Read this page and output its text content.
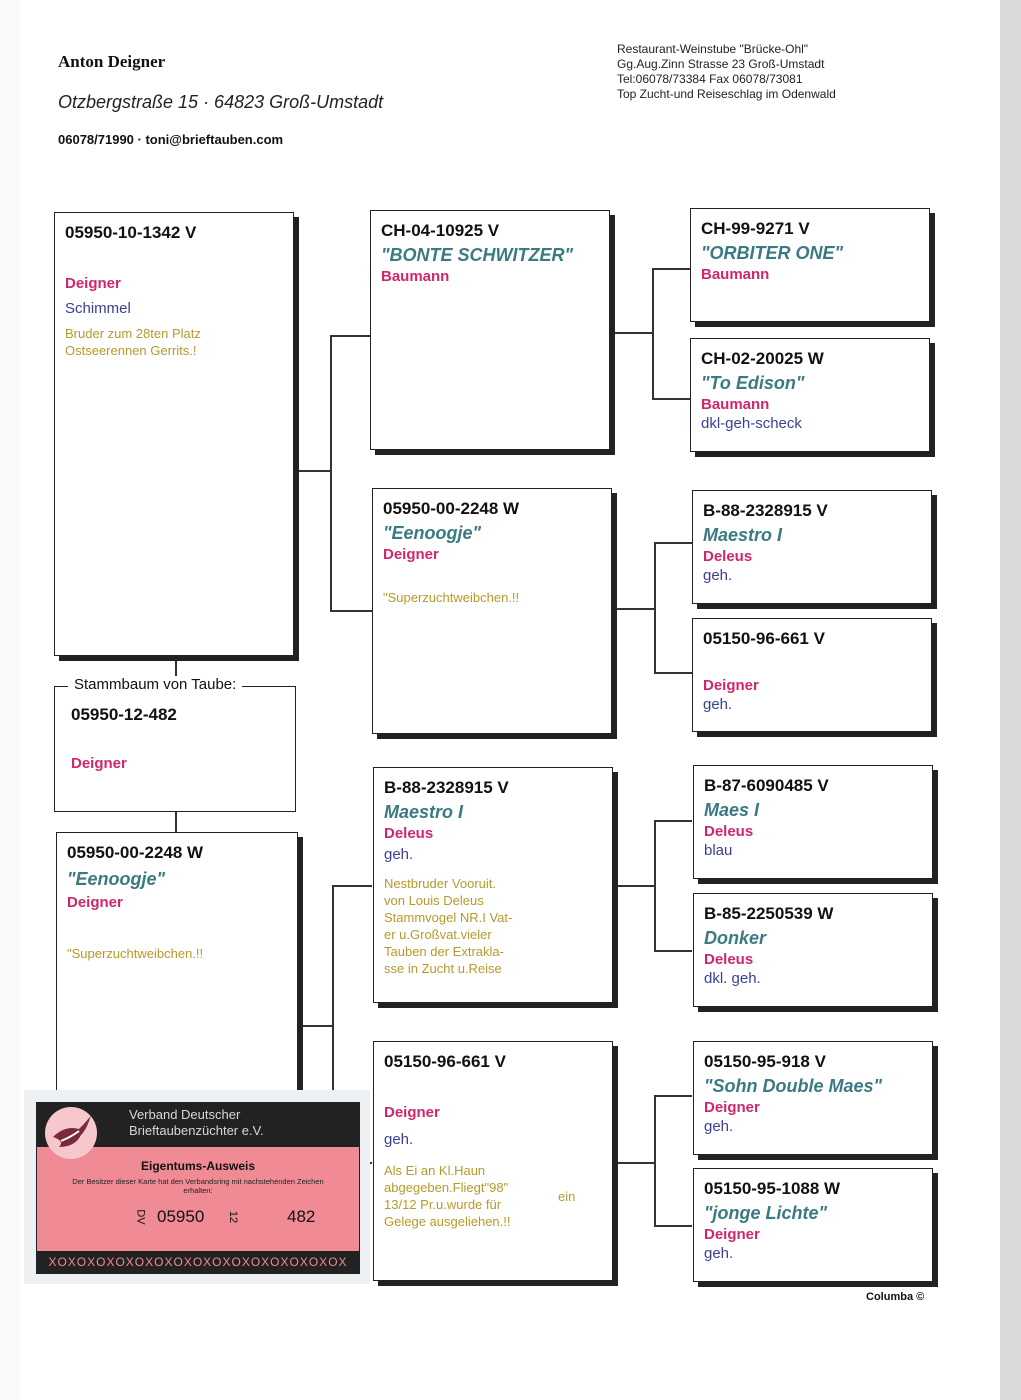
Anton Deigner
Otzbergstraße 15 · 64823 Groß-Umstadt
06078/71990 · toni@brieftauben.com
Restaurant-Weinstube "Brücke-Ohl"
Gg.Aug.Zinn Strasse 23 Groß-Umstadt
Tel:06078/73384 Fax 06078/73081
Top Zucht-und Reiseschlag im Odenwald
05950-10-1342 V
Deigner
Schimmel
Bruder zum 28ten Platz Ostseerennen Gerrits.!
05950-12-482
Deigner
Stammbaum von Taube:
05950-00-2248 W
"Eenoogje"
Deigner
"Superzuchtweibchen.!!
CH-04-10925 V
"BONTE SCHWITZER"
Baumann
05950-00-2248 W
"Eenoogje"
Deigner
"Superzuchtweibchen.!!
B-88-2328915 V
Maestro I
Deleus
geh.
Nestbruder Vooruit.
von Louis Deleus
Stammvogel NR.I Vat-
er u.Großvat.vieler
Tauben der Extrakla-
sse in Zucht u.Reise
05150-96-661 V
Deigner
geh.
Als Ei an Kl.Haun
abgegeben.Fliegt"98"
13/12 Pr.u.wurde für
Gelege ausgeliehen.!!
ein
CH-99-9271 V
"ORBITER ONE"
Baumann
CH-02-20025 W
"To Edison"
Baumann
dkl-geh-scheck
B-88-2328915 V
Maestro I
Deleus
geh.
05150-96-661 V
Deigner
geh.
B-87-6090485 V
Maes I
Deleus
blau
B-85-2250539 W
Donker
Deleus
dkl. geh.
05150-95-918 V
"Sohn Double Maes"
Deigner
geh.
05150-95-1088 W
"jonge Lichte"
Deigner
geh.
Verband Deutscher
Brieftaubenzüchter e.V.
Eigentums-Ausweis
Der Besitzer dieser Karte hat den Verbandsring mit nachstehenden Zeichen erhalten:
DV 05950 12	482
XOXOXOXOXOXOXOXOXOXOXOXOXOXOXOX
Columba ©
